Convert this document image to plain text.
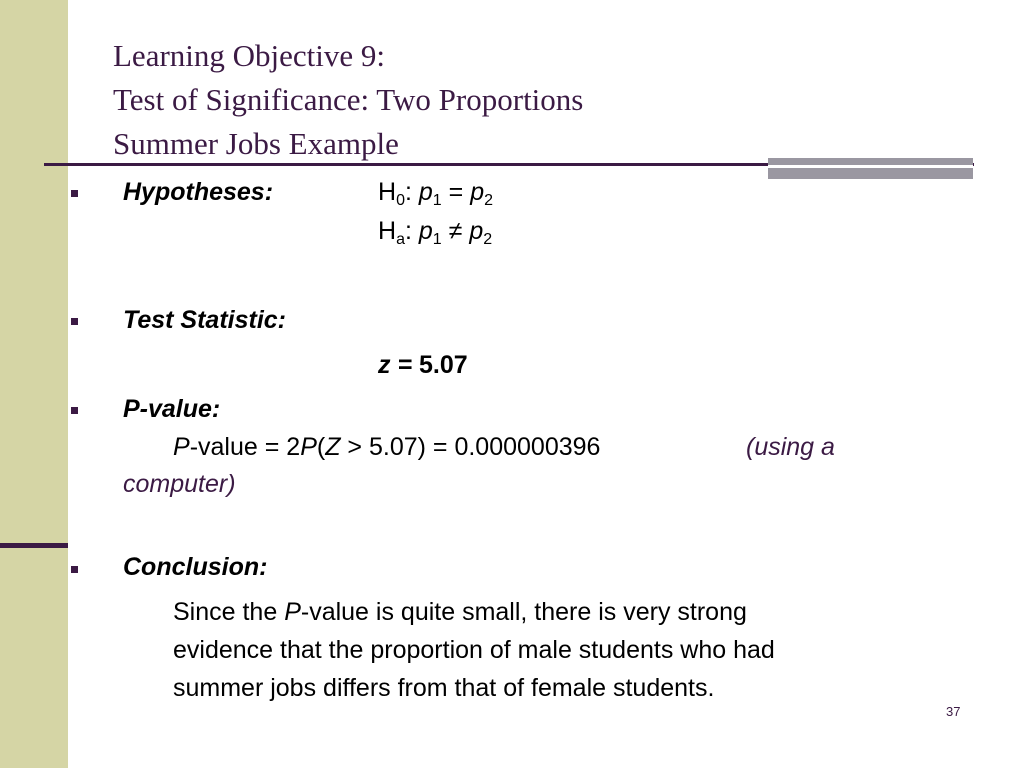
Learning Objective 9:
Test of Significance: Two Proportions
Summer Jobs Example
Hypotheses:	$H_0$: $p_1 = p_2$
$H_a$: $p_1 \ne p_2$
Test Statistic:
z = 5.07
P-value:
P-value = 2P(Z > 5.07) = 0.000000396	(using a
computer)
Conclusion:
Since the P-value is quite small, there is very strong
evidence that the proportion of male students who had
summer jobs differs from that of female students.
37
